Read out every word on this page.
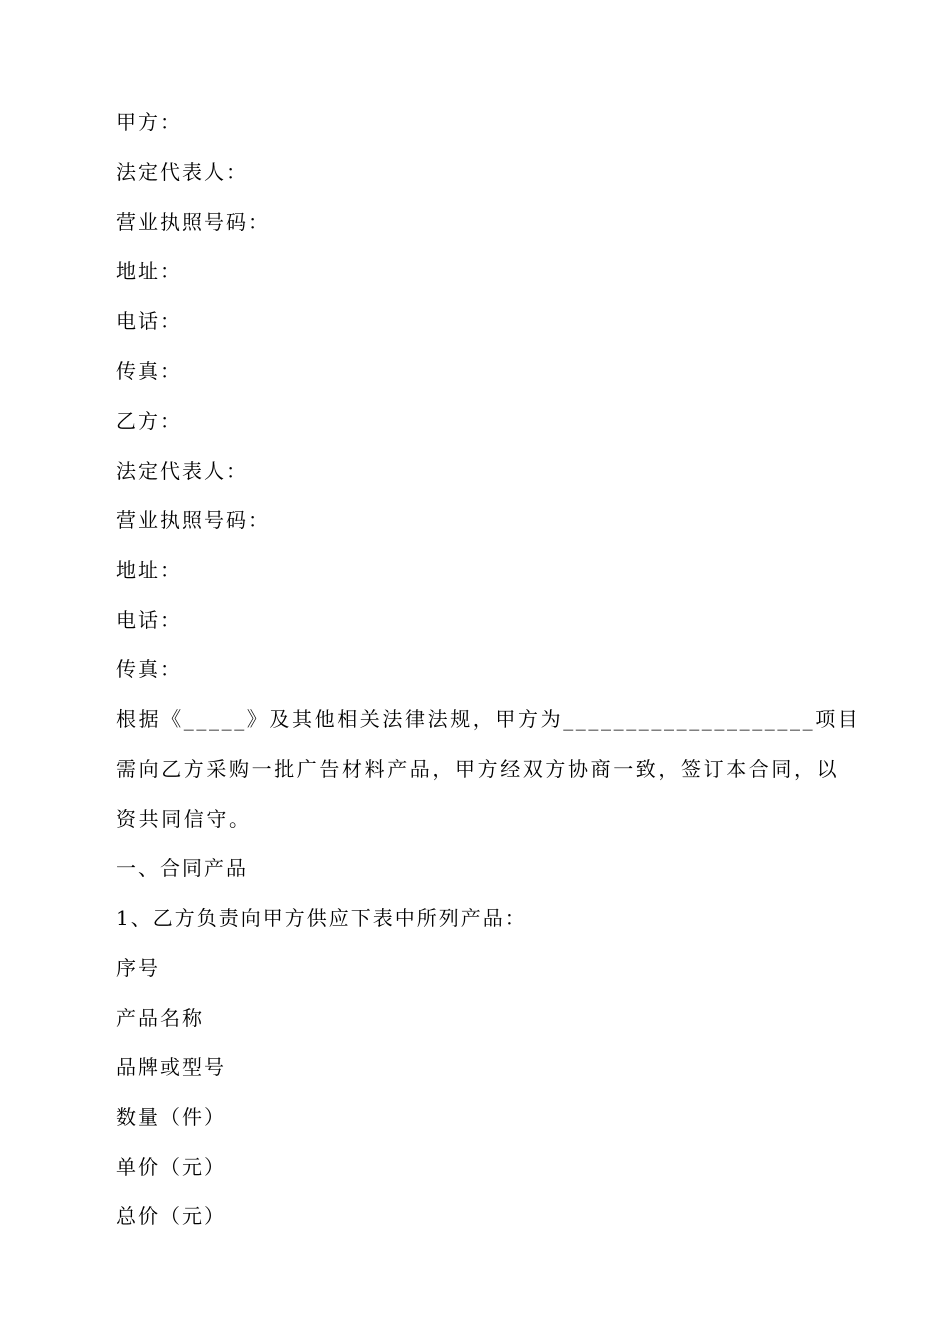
甲方：
法定代表人：
营业执照号码：
地址：
电话：
传真：
乙方：
法定代表人：
营业执照号码：
地址：
电话：
传真：
根据《_____》及其他相关法律法规，甲方为____________________项目
需向乙方采购一批广告材料产品，甲方经双方协商一致，签订本合同，以
资共同信守。
一、合同产品
1、乙方负责向甲方供应下表中所列产品：
序号
产品名称
品牌或型号
数量（件）
单价（元）
总价（元）
